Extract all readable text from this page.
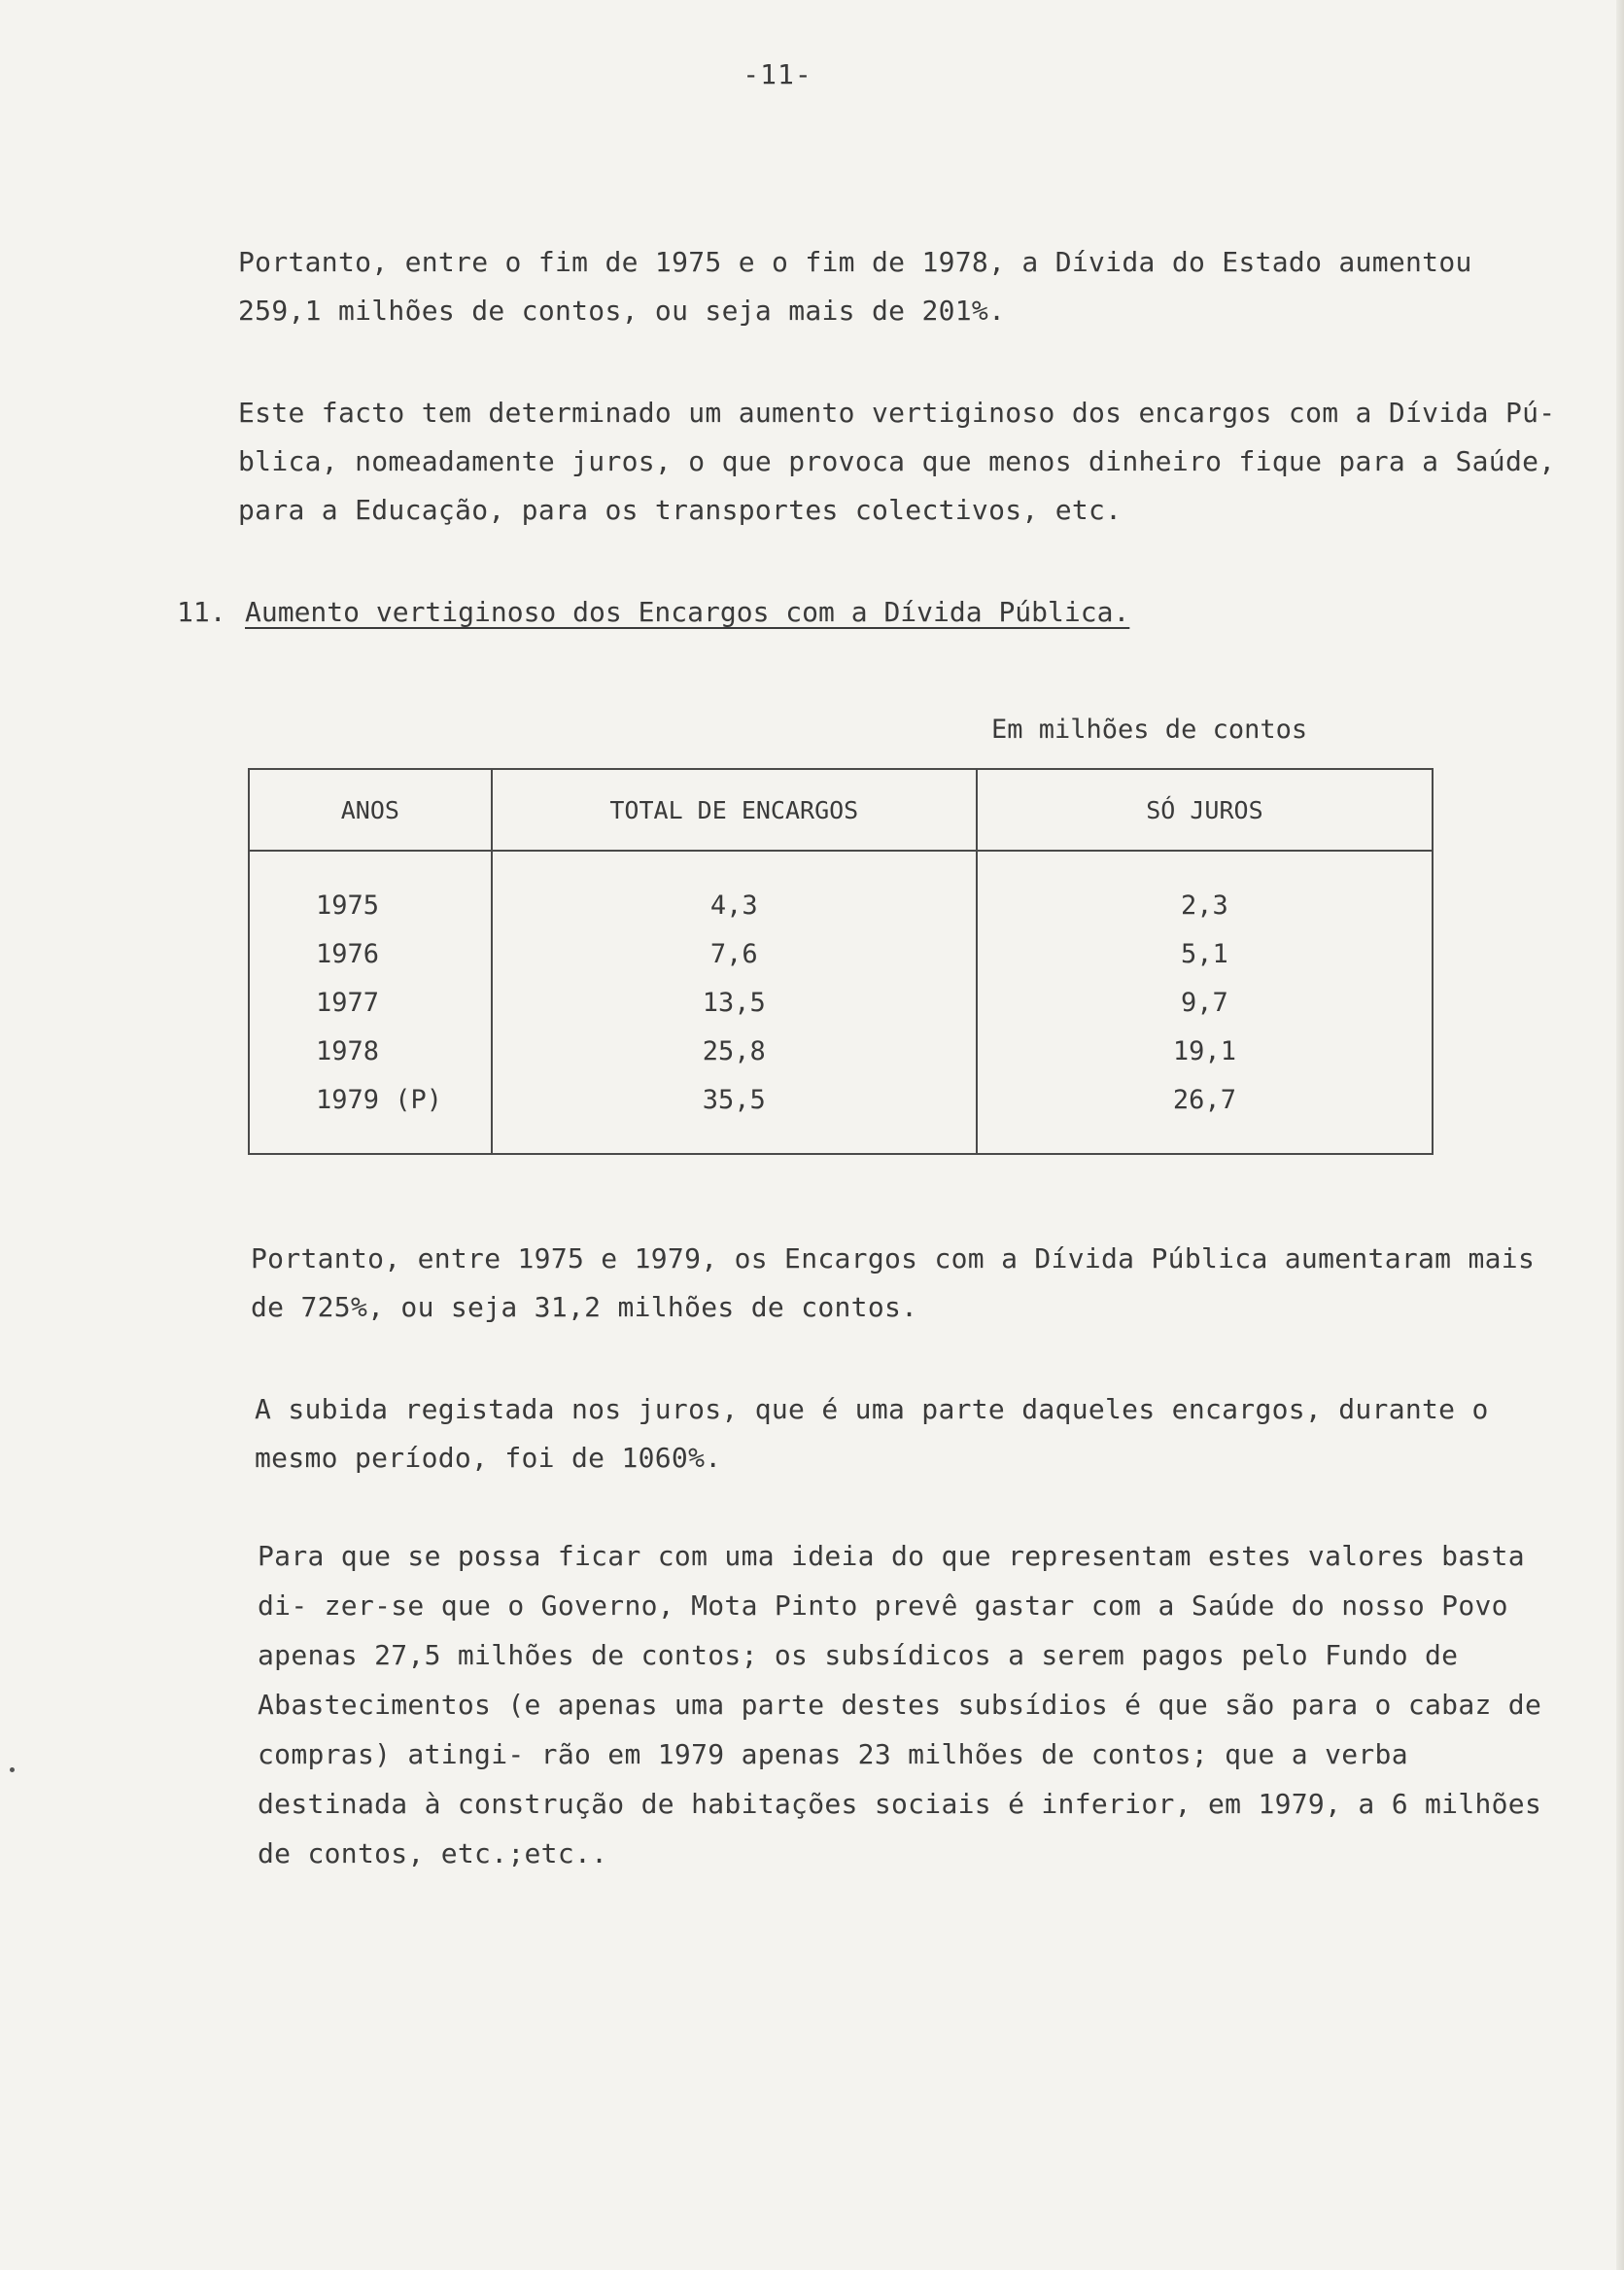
-11-

Portanto, entre o fim de 1975 e o fim de 1978, a Dívida do Estado aumentou 259,1 milhões de contos, ou seja mais de 201%.

Este facto tem determinado um aumento vertiginoso dos encargos com a Dívida Pú- blica, nomeadamente juros, o que provoca que menos dinheiro fique para a Saúde, para a Educação, para os transportes colectivos, etc.

11. Aumento vertiginoso dos Encargos com a Dívida Pública.
Em milhões de contos
ANOS	TOTAL DE ENCARGOS	SÓ JUROS
1975	4,3	2,3
1976	7,6	5,1
1977	13,5	9,7
1978	25,8	19,1
1979 (P)	35,5	26,7

Portanto, entre 1975 e 1979, os Encargos com a Dívida Pública aumentaram mais de 725%, ou seja 31,2 milhões de contos.

A subida registada nos juros, que é uma parte daqueles encargos, durante o mesmo período, foi de 1060%.

Para que se possa ficar com uma ideia do que representam estes valores basta di- zer-se que o Governo, Mota Pinto prevê gastar com a Saúde do nosso Povo apenas 27,5 milhões de contos; os subsídicos a serem pagos pelo Fundo de Abastecimentos (e apenas uma parte destes subsídios é que são para o cabaz de compras) atingi- rão em 1979 apenas 23 milhões de contos; que a verba destinada à construção de habitações sociais é inferior, em 1979, a 6 milhões de contos, etc.;etc..
